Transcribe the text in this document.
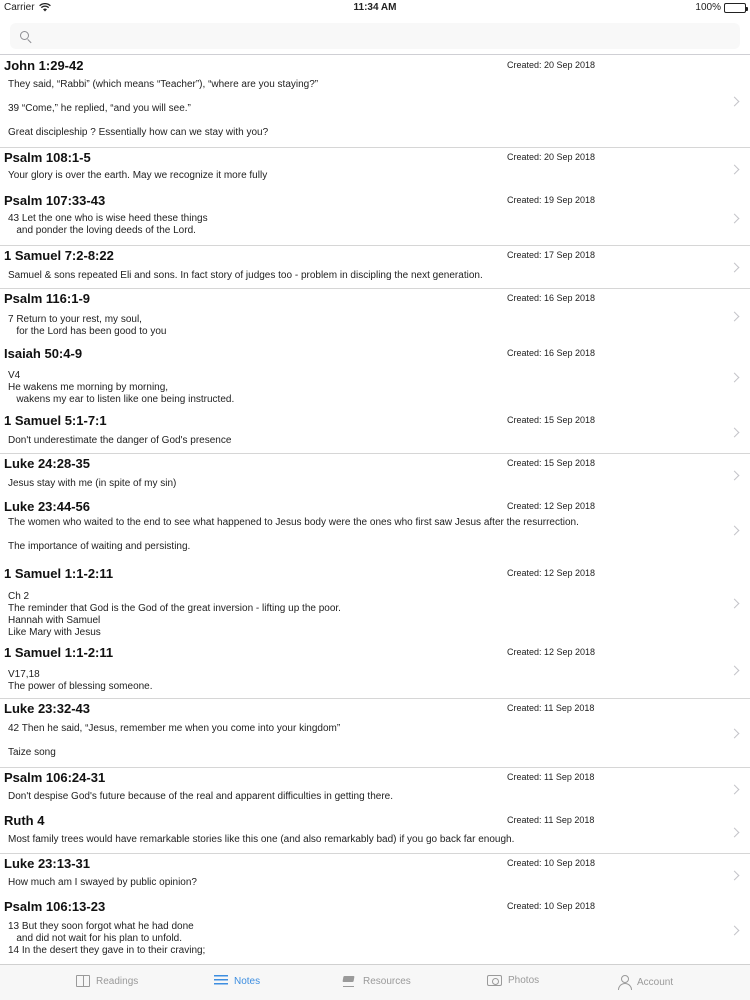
Carrier	11:34 AM	100%
John 1:29-42	Created: 20 Sep 2018

They said, “Rabbi” (which means “Teacher”), “where are you staying?”

39 “Come,” he replied, “and you will see.”

Great discipleship ? Essentially how can we stay with you?

Psalm 108:1-5	Created: 20 Sep 2018

Your glory is over the earth. May we recognize it more fully

Psalm 107:33-43	Created: 19 Sep 2018

43 Let the one who is wise heed these things

and ponder the loving deeds of the Lord.

1 Samuel 7:2-8:22	Created: 17 Sep 2018

Samuel & sons repeated Eli and sons. In fact story of judges too - problem in discipling the next generation.

Psalm 116:1-9	Created: 16 Sep 2018

7 Return to your rest, my soul,

for the Lord has been good to you

Isaiah 50:4-9	Created: 16 Sep 2018

V4

He wakens me morning by morning,

wakens my ear to listen like one being instructed.

1 Samuel 5:1-7:1	Created: 15 Sep 2018

Don't underestimate the danger of God's presence

Luke 24:28-35	Created: 15 Sep 2018

Jesus stay with me (in spite of my sin)

Luke 23:44-56	Created: 12 Sep 2018

The women who waited to the end to see what happened to Jesus body were the ones who first saw Jesus after the resurrection.

The importance of waiting and persisting.

1 Samuel 1:1-2:11	Created: 12 Sep 2018

Ch 2

The reminder that God is the God of the great inversion - lifting up the poor.

Hannah with Samuel

Like Mary with Jesus

1 Samuel 1:1-2:11	Created: 12 Sep 2018

V17,18

The power of blessing someone.

Luke 23:32-43	Created: 11 Sep 2018

42 Then he said, “Jesus, remember me when you come into your kingdom”

Taize song

Psalm 106:24-31	Created: 11 Sep 2018

Don't despise God's future because of the real and apparent difficulties in getting there.

Ruth 4	Created: 11 Sep 2018

Most family trees would have remarkable stories like this one (and also remarkably bad) if you go back far enough.

Luke 23:13-31	Created: 10 Sep 2018

How much am I swayed by public opinion?

Psalm 106:13-23	Created: 10 Sep 2018

13 But they soon forgot what he had done

and did not wait for his plan to unfold.

14 In the desert they gave in to their craving;

Readings	Notes	Resources	Photos	Account
